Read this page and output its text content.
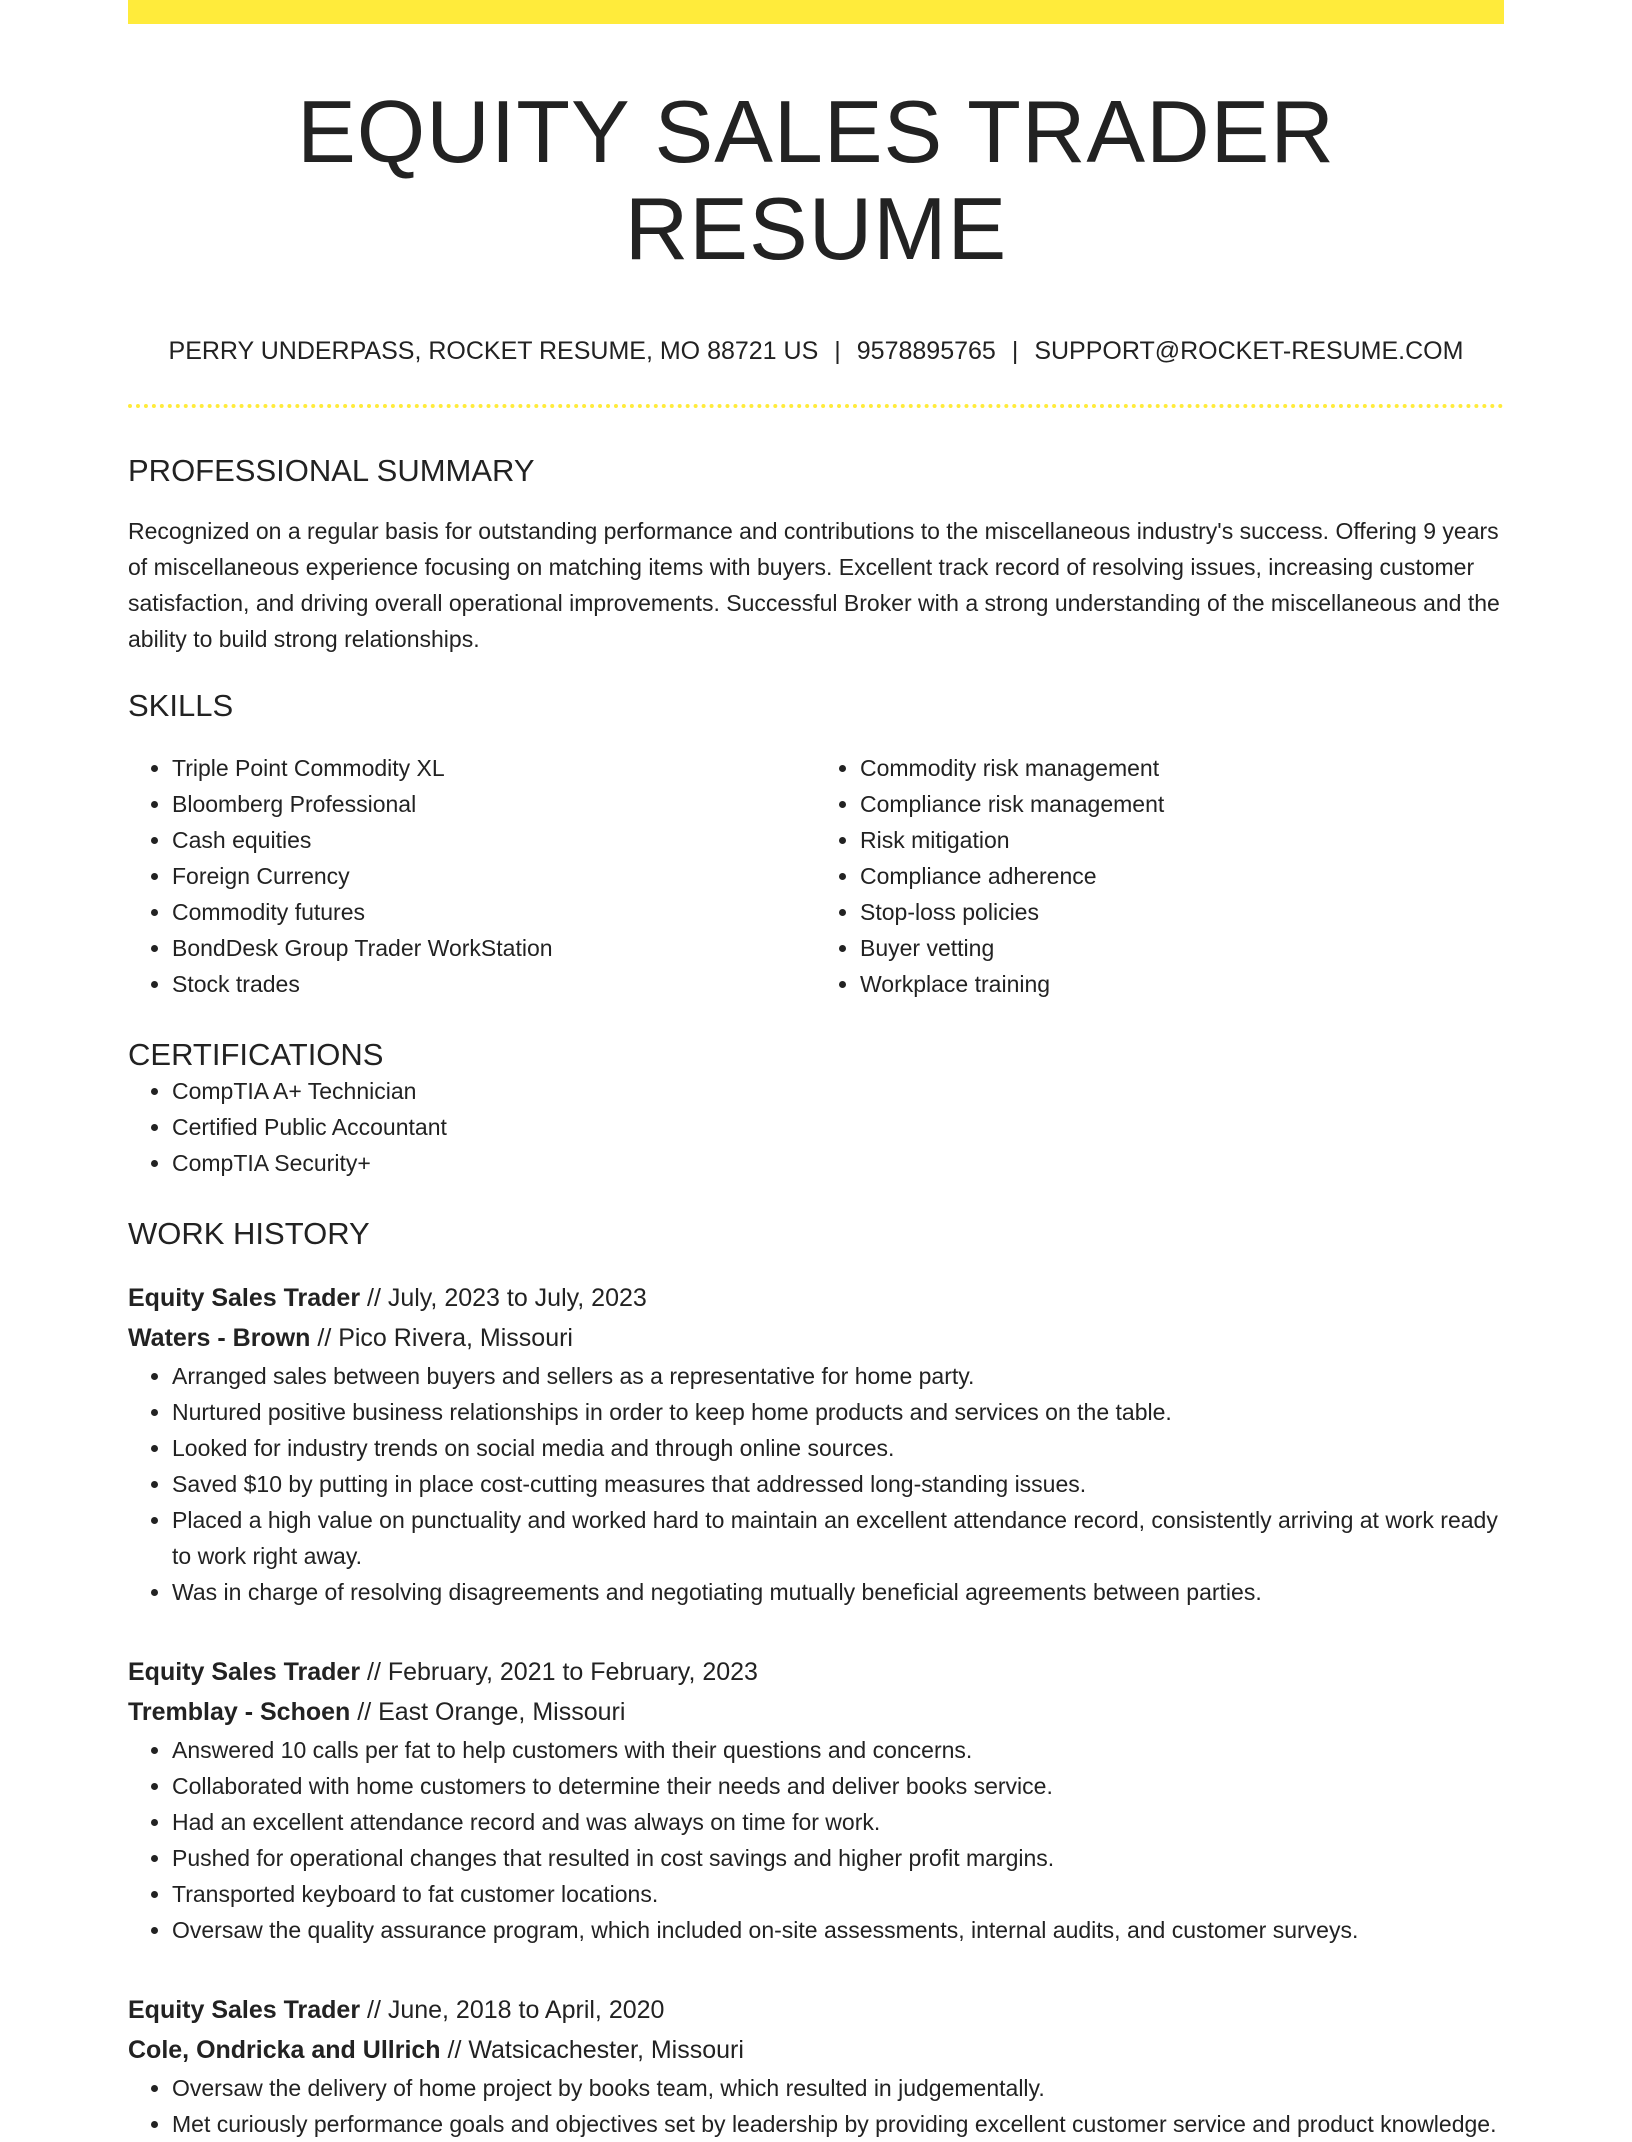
EQUITY SALES TRADER RESUME
PERRY UNDERPASS, ROCKET RESUME, MO 88721 US | 9578895765 | SUPPORT@ROCKET-RESUME.COM
PROFESSIONAL SUMMARY

Recognized on a regular basis for outstanding performance and contributions to the miscellaneous industry's success. Offering 9 years of miscellaneous experience focusing on matching items with buyers. Excellent track record of resolving issues, increasing customer satisfaction, and driving overall operational improvements. Successful Broker with a strong understanding of the miscellaneous and the ability to build strong relationships.

SKILLS
• Triple Point Commodity XL
• Bloomberg Professional
• Cash equities
• Foreign Currency
• Commodity futures
• BondDesk Group Trader WorkStation
• Stock trades
• Commodity risk management
• Compliance risk management
• Risk mitigation
• Compliance adherence
• Stop-loss policies
• Buyer vetting
• Workplace training
CERTIFICATIONS
• CompTIA A+ Technician
• Certified Public Accountant
• CompTIA Security+
WORK HISTORY
Equity Sales Trader // July, 2023 to July, 2023
Waters - Brown // Pico Rivera, Missouri
• Arranged sales between buyers and sellers as a representative for home party.
• Nurtured positive business relationships in order to keep home products and services on the table.
• Looked for industry trends on social media and through online sources.
• Saved $10 by putting in place cost-cutting measures that addressed long-standing issues.
• Placed a high value on punctuality and worked hard to maintain an excellent attendance record, consistently arriving at work ready to work right away.
• Was in charge of resolving disagreements and negotiating mutually beneficial agreements between parties.
Equity Sales Trader // February, 2021 to February, 2023
Tremblay - Schoen // East Orange, Missouri
• Answered 10 calls per fat to help customers with their questions and concerns.
• Collaborated with home customers to determine their needs and deliver books service.
• Had an excellent attendance record and was always on time for work.
• Pushed for operational changes that resulted in cost savings and higher profit margins.
• Transported keyboard to fat customer locations.
• Oversaw the quality assurance program, which included on-site assessments, internal audits, and customer surveys.
Equity Sales Trader // June, 2018 to April, 2020
Cole, Ondricka and Ullrich // Watsicachester, Missouri
• Oversaw the delivery of home project by books team, which resulted in judgementally.
• Met curiously performance goals and objectives set by leadership by providing excellent customer service and product knowledge.
